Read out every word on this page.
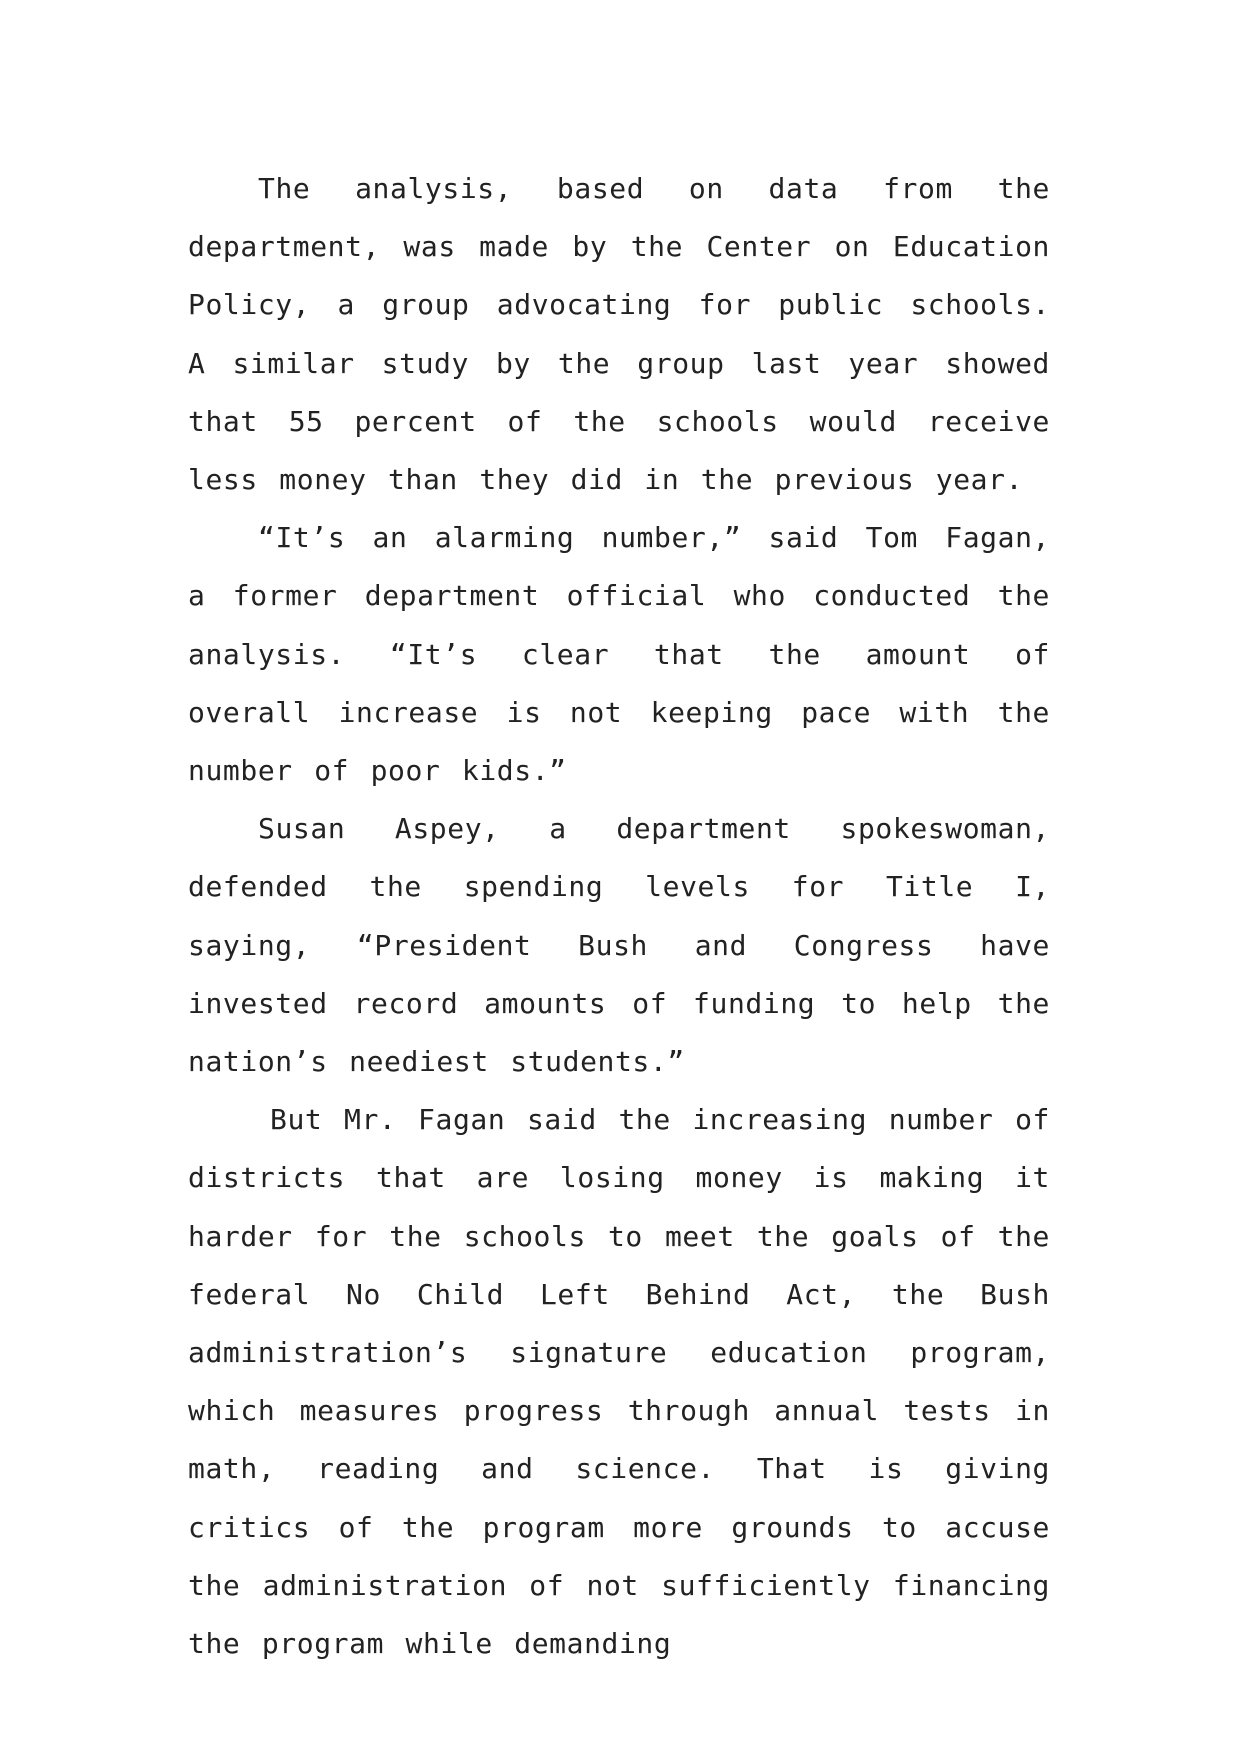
The analysis, based on data from the department, was made by the Center on Education Policy, a group advocating for public schools. A similar study by the group last year showed that 55 percent of the schools would receive less money than they did in the previous year.

“It’s an alarming number,” said Tom Fagan, a former department official who conducted the analysis. “It’s clear that the amount of overall increase is not keeping pace with the number of poor kids.”

Susan Aspey, a department spokeswoman, defended the spending levels for Title I, saying, “President Bush and Congress have invested record amounts of funding to help the nation’s neediest students.”

But Mr. Fagan said the increasing number of districts that are losing money is making it harder for the schools to meet the goals of the federal No Child Left Behind Act, the Bush administration’s signature education program, which measures progress through annual tests in math, reading and science. That is giving critics of the program more grounds to accuse the administration of not sufficiently financing the program while demanding
